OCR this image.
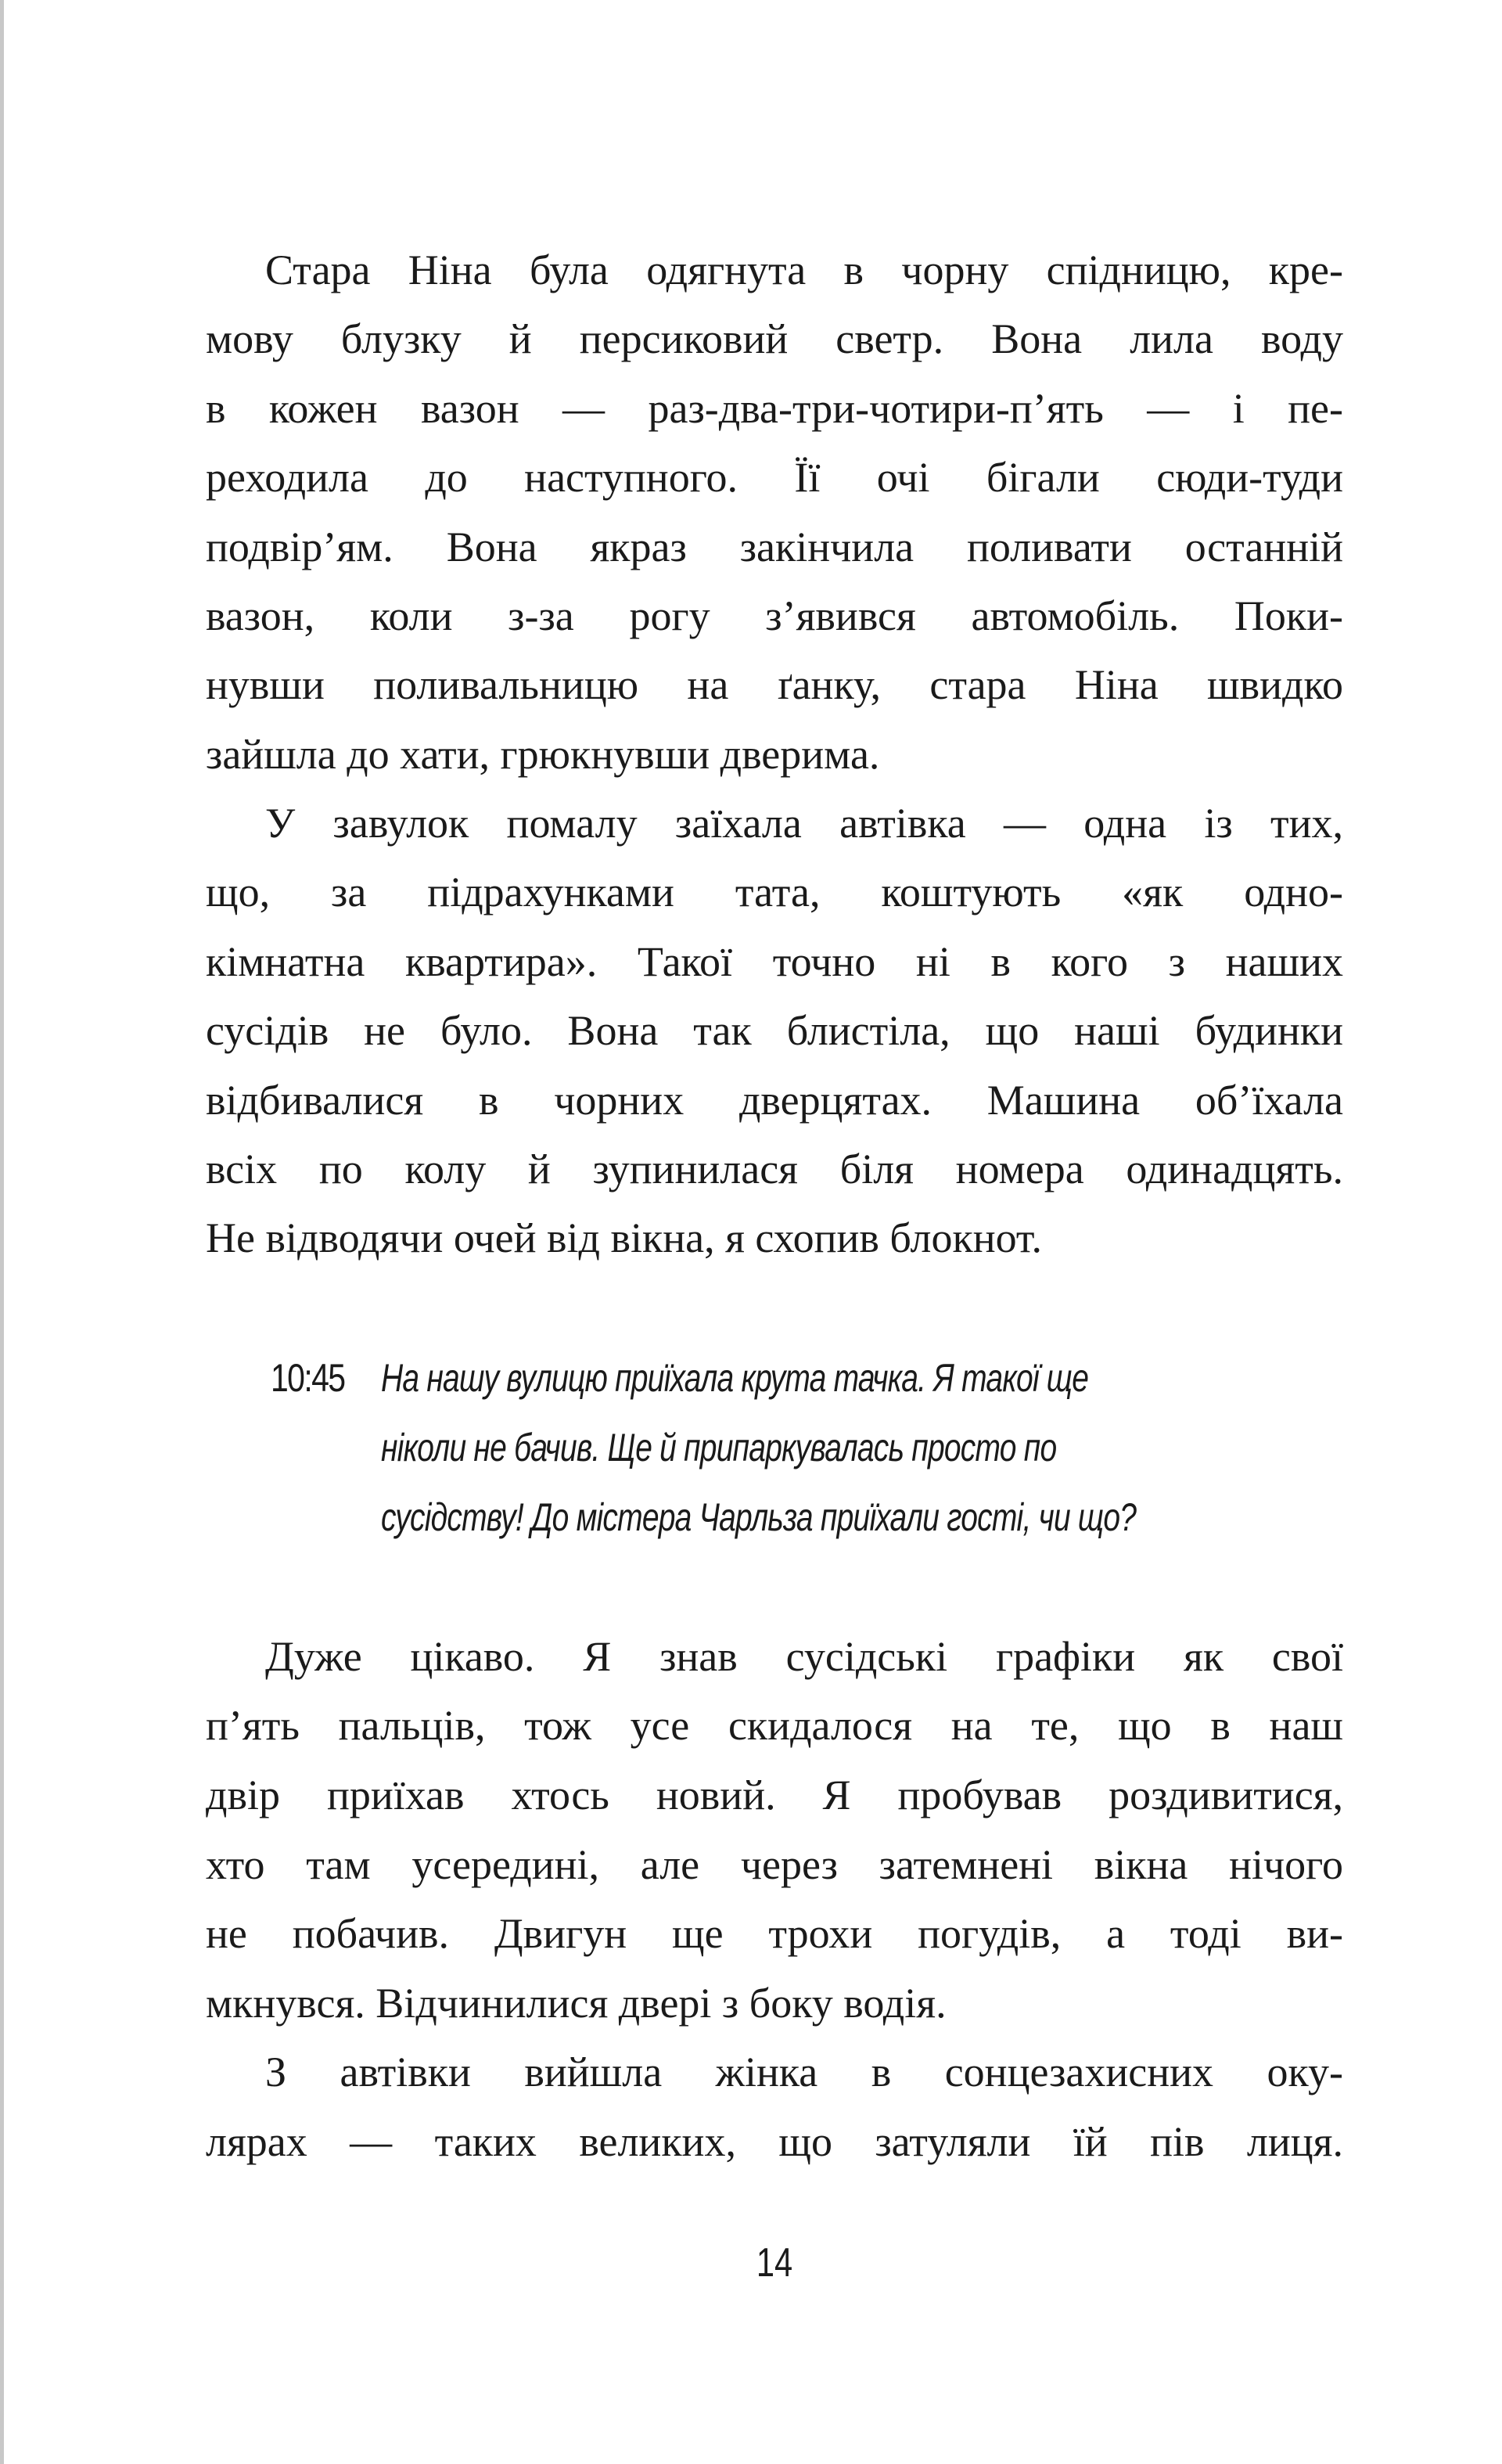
Стара Ніна була одягнута в чорну спідницю, кре-
мову блузку й персиковий светр. Вона лила воду
в кожен вазон — раз-два-три-чотири-п’ять — і пе-
реходила до наступного. Її очі бігали сюди-туди
подвір’ям. Вона якраз закінчила поливати останній
вазон, коли з-за рогу з’явився автомобіль. Поки-
нувши поливальницю на ґанку, стара Ніна швидко
зайшла до хати, грюкнувши дверима.
У завулок помалу заїхала автівка — одна із тих,
що, за підрахунками тата, коштують «як одно-
кімнатна квартира». Такої точно ні в кого з наших
сусідів не було. Вона так блистіла, що наші будинки
відбивалися в чорних дверцятах. Машина об’їхала
всіх по колу й зупинилася біля номера одинадцять.
Не відводячи очей від вікна, я схопив блокнот.
10:45 На нашу вулицю приїхала крута тачка. Я такої ще
ніколи не бачив. Ще й припаркувалась просто по
сусідству! До містера Чарльза приїхали гості, чи що?
Дуже цікаво. Я знав сусідські графіки як свої
п’ять пальців, тож усе скидалося на те, що в наш
двір приїхав хтось новий. Я пробував роздивитися,
хто там усередині, але через затемнені вікна нічого
не побачив. Двигун ще трохи погудів, а тоді ви-
мкнувся. Відчинилися двері з боку водія.
З автівки вийшла жінка в сонцезахисних оку-
лярах — таких великих, що затуляли їй пів лиця.
14
